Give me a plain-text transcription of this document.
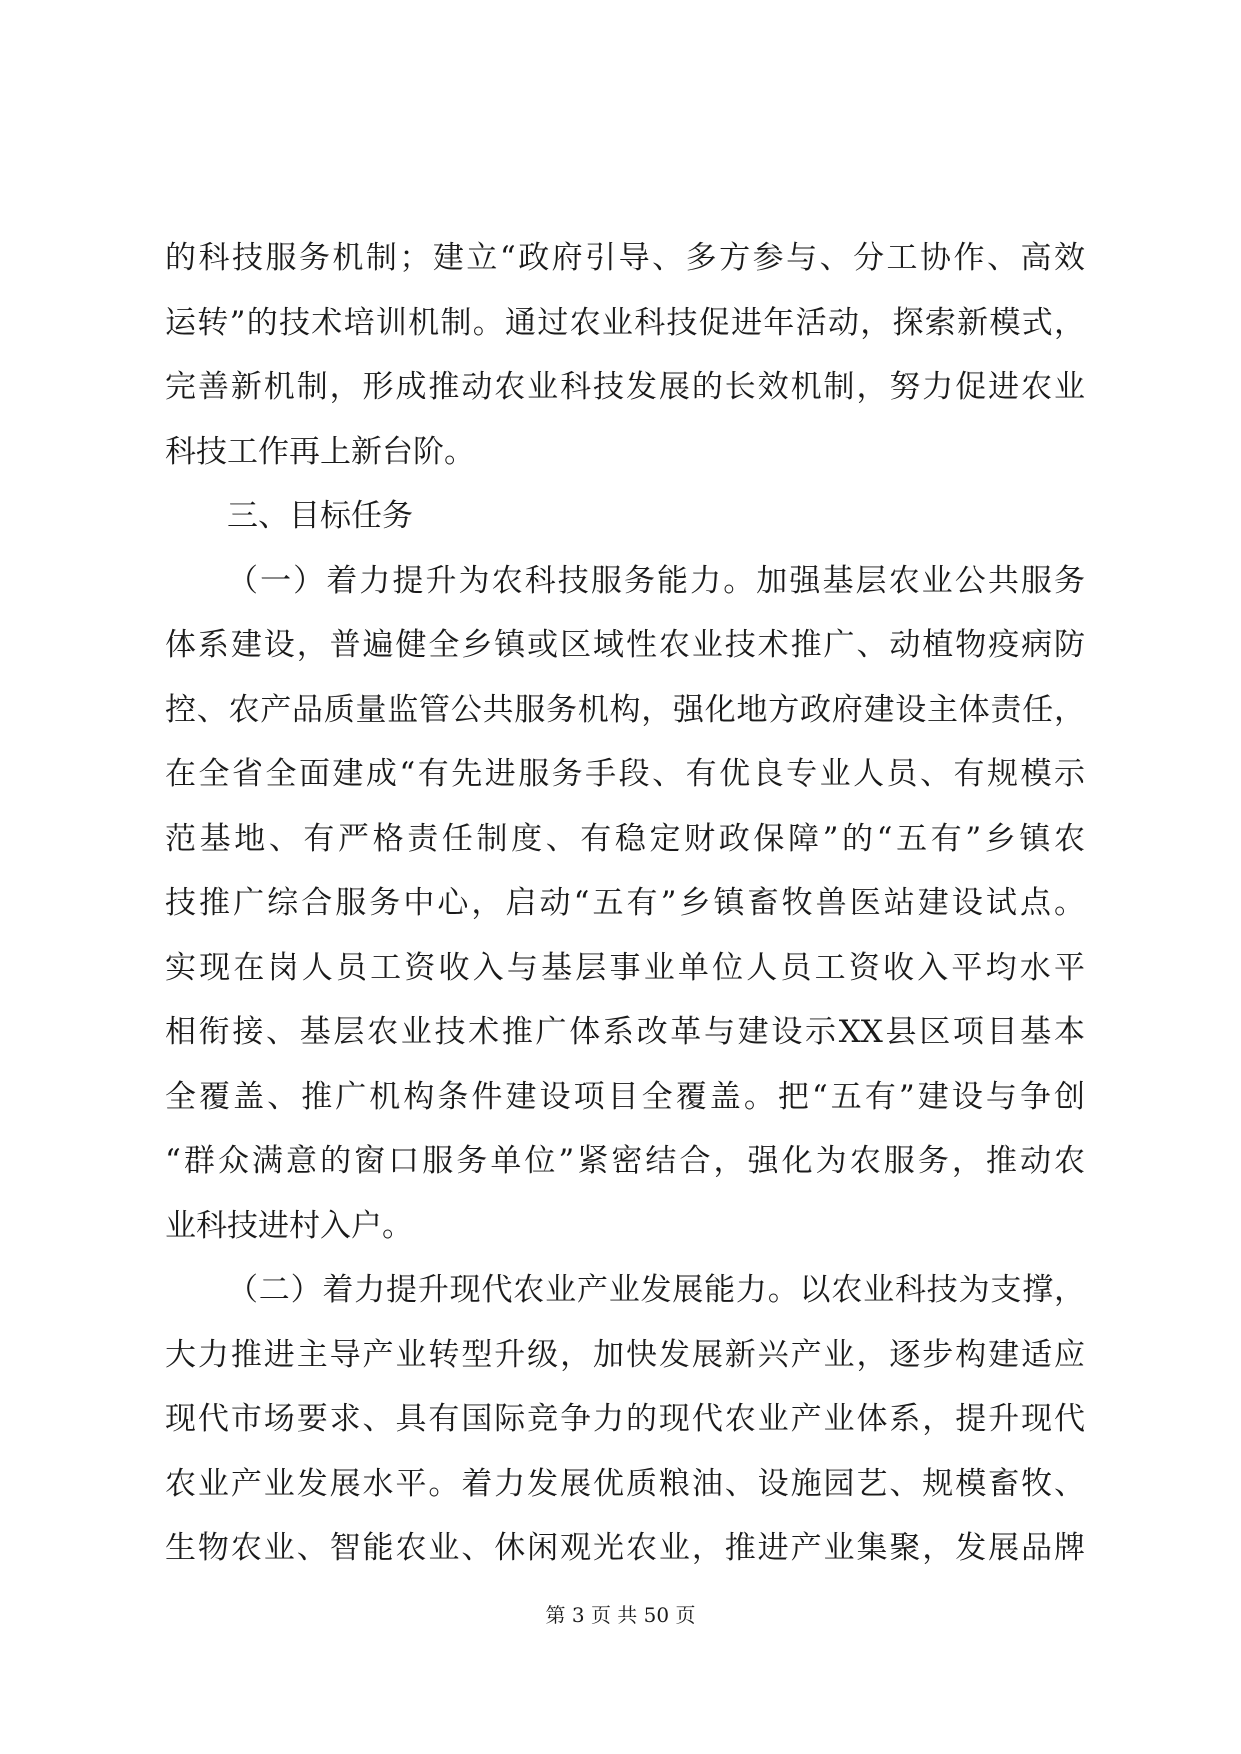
的科技服务机制；建立“政府引导、多方参与、分工协作、高效
运转”的技术培训机制。通过农业科技促进年活动，探索新模式，
完善新机制，形成推动农业科技发展的长效机制，努力促进农业
科技工作再上新台阶。
三、目标任务
（一）着力提升为农科技服务能力。加强基层农业公共服务
体系建设，普遍健全乡镇或区域性农业技术推广、动植物疫病防
控、农产品质量监管公共服务机构，强化地方政府建设主体责任，
在全省全面建成“有先进服务手段、有优良专业人员、有规模示
范基地、有严格责任制度、有稳定财政保障”的“五有”乡镇农
技推广综合服务中心，启动“五有”乡镇畜牧兽医站建设试点。
实现在岗人员工资收入与基层事业单位人员工资收入平均水平
相衔接、基层农业技术推广体系改革与建设示XX县区项目基本
全覆盖、推广机构条件建设项目全覆盖。把“五有”建设与争创
“群众满意的窗口服务单位”紧密结合，强化为农服务，推动农
业科技进村入户。
（二）着力提升现代农业产业发展能力。以农业科技为支撑，
大力推进主导产业转型升级，加快发展新兴产业，逐步构建适应
现代市场要求、具有国际竞争力的现代农业产业体系，提升现代
农业产业发展水平。着力发展优质粮油、设施园艺、规模畜牧、
生物农业、智能农业、休闲观光农业，推进产业集聚，发展品牌
第 3 页 共 50 页
